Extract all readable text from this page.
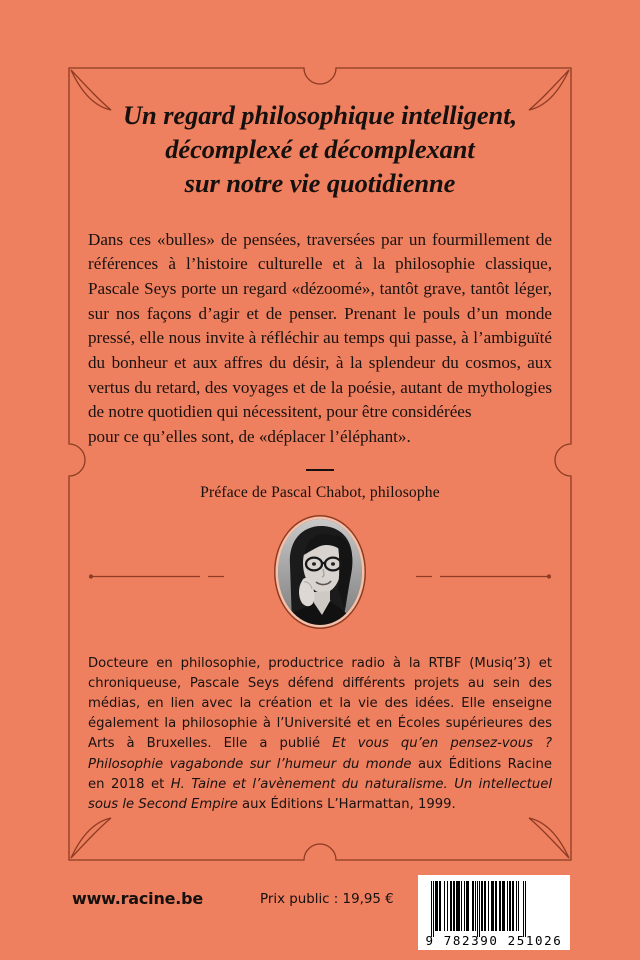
Un regard philosophique intelligent,
décomplexé et décomplexant
sur notre vie quotidienne

Dans ces «bulles» de pensées, traversées par un fourmillement de références à l’histoire culturelle et à la philosophie classique, Pascale Seys porte un regard «dézoomé», tantôt grave, tantôt léger, sur nos façons d’agir et de penser. Prenant le pouls d’un monde pressé, elle nous invite à réfléchir au temps qui passe, à l’ambiguïté du bonheur et aux affres du désir, à la splendeur du cosmos, aux vertus du retard, des voyages et de la poésie, autant de mythologies de notre quotidien qui nécessitent, pour être considérées
pour ce qu’elles sont, de «déplacer l’éléphant».

Préface de Pascal Chabot, philosophe

Docteure en philosophie, productrice radio à la RTBF (Musiq’3) et chroniqueuse, Pascale Seys défend différents projets au sein des médias, en lien avec la création et la vie des idées. Elle enseigne également la philosophie à l’Université et en Écoles supérieures des Arts à Bruxelles. Elle a publié Et vous qu’en pensez-vous ? Philosophie vagabonde sur l’humeur du monde aux Éditions Racine en 2018 et H. Taine et l’avènement du naturalisme. Un intellectuel sous le Second Empire aux Éditions L’Harmattan, 1999.

www.racine.be	Prix public : 19,95 €
9 782390 251026
